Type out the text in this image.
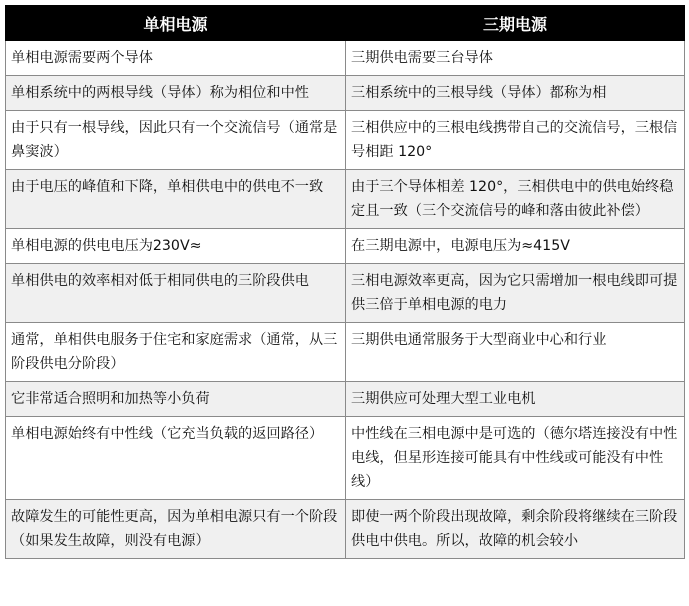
单相电源	三期电源
单相电源需要两个导体	三期供电需要三台导体
单相系统中的两根导线（导体）称为相位和中性	三相系统中的三根导线（导体）都称为相
由于只有一根导线，因此只有一个交流信号（通常是鼻窦波）	三相供应中的三根电线携带自己的交流信号，三根信号相距 120°
由于电压的峰值和下降，单相供电中的供电不一致	由于三个导体相差 120°，三相供电中的供电始终稳定且一致（三个交流信号的峰和落由彼此补偿）
单相电源的供电电压为230V≈	在三期电源中，电源电压为≈415V
单相供电的效率相对低于相同供电的三阶段供电	三相电源效率更高，因为它只需增加一根电线即可提供三倍于单相电源的电力
通常，单相供电服务于住宅和家庭需求（通常，从三阶段供电分阶段）	三期供电通常服务于大型商业中心和行业
它非常适合照明和加热等小负荷	三期供应可处理大型工业电机
单相电源始终有中性线（它充当负载的返回路径）	中性线在三相电源中是可选的（德尔塔连接没有中性电线，但星形连接可能具有中性线或可能没有中性线）
故障发生的可能性更高，因为单相电源只有一个阶段（如果发生故障，则没有电源）	即使一两个阶段出现故障，剩余阶段将继续在三阶段供电中供电。所以，故障的机会较小
